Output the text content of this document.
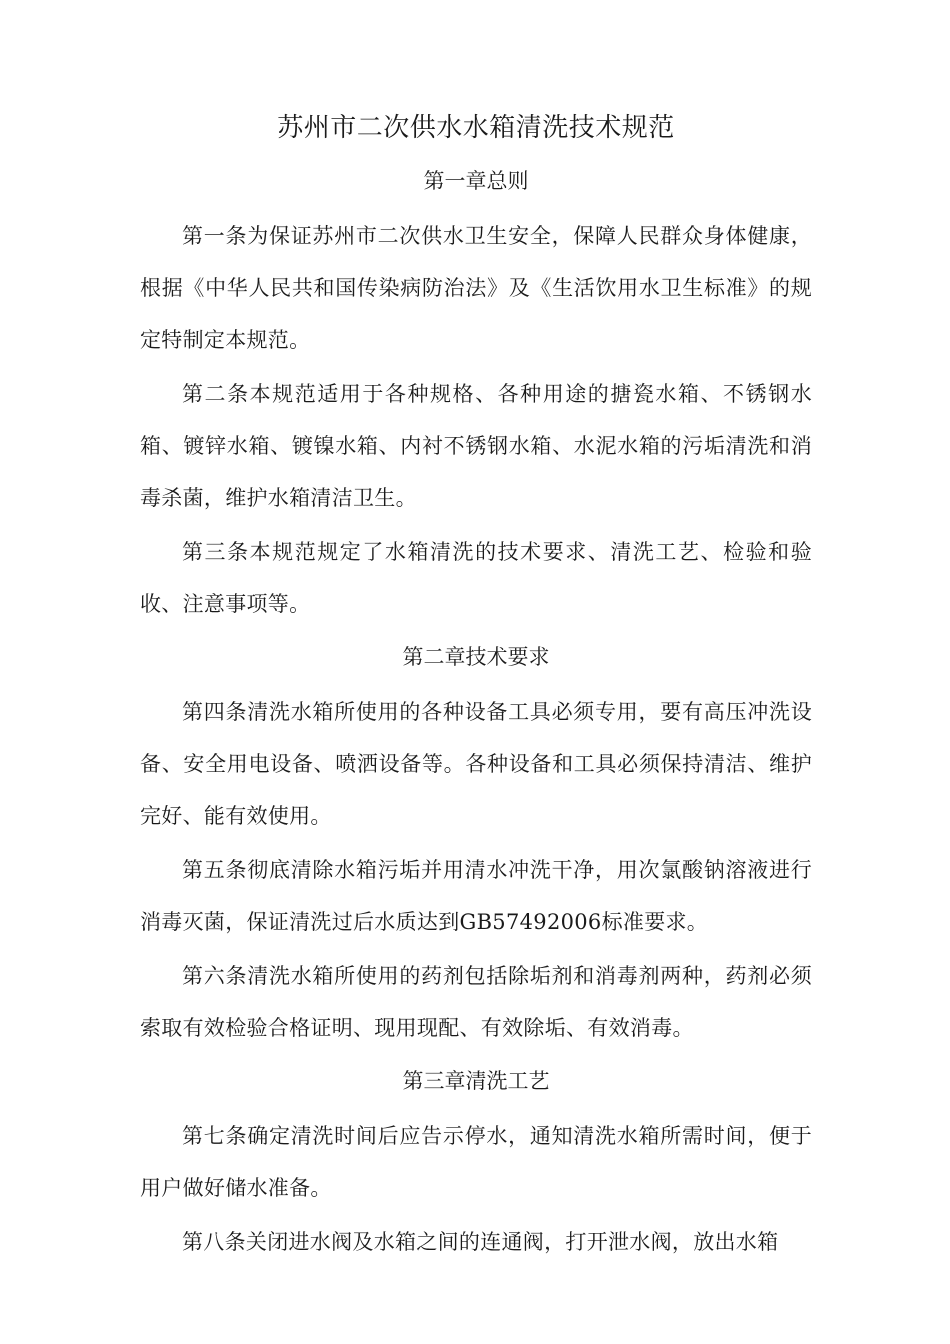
苏州市二次供水水箱清洗技术规范
第一章总则

第一条为保证苏州市二次供水卫生安全，保障人民群众身体健康，根据《中华人民共和国传染病防治法》及《生活饮用水卫生标准》的规定特制定本规范。

第二条本规范适用于各种规格、各种用途的搪瓷水箱、不锈钢水箱、镀锌水箱、镀镍水箱、内衬不锈钢水箱、水泥水箱的污垢清洗和消毒杀菌，维护水箱清洁卫生。

第三条本规范规定了水箱清洗的技术要求、清洗工艺、检验和验收、注意事项等。

第二章技术要求

第四条清洗水箱所使用的各种设备工具必须专用，要有高压冲洗设备、安全用电设备、喷洒设备等。各种设备和工具必须保持清洁、维护完好、能有效使用。

第五条彻底清除水箱污垢并用清水冲洗干净，用次氯酸钠溶液进行消毒灭菌，保证清洗过后水质达到GB57492006标准要求。

第六条清洗水箱所使用的药剂包括除垢剂和消毒剂两种，药剂必须索取有效检验合格证明、现用现配、有效除垢、有效消毒。

第三章清洗工艺

第七条确定清洗时间后应告示停水，通知清洗水箱所需时间，便于用户做好储水准备。

第八条关闭进水阀及水箱之间的连通阀，打开泄水阀，放出水箱
